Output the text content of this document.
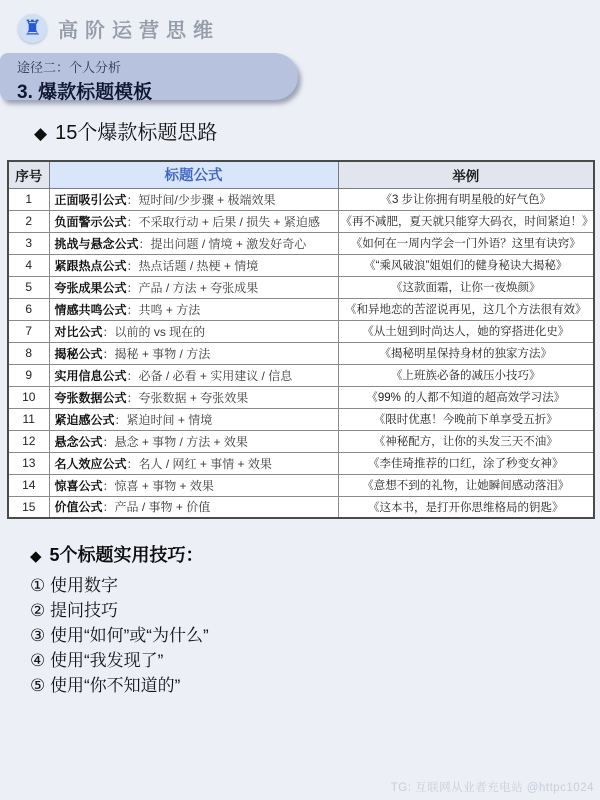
♜ 高阶运营思维
途径二：个人分析
3. 爆款标题模板
◆ 15个爆款标题思路
序号	标题公式	举例
1	正面吸引公式：短时间/少步骤 + 极端效果	《3 步让你拥有明星般的好气色》
2	负面警示公式：不采取行动 + 后果 / 损失 + 紧迫感	《再不减肥，夏天就只能穿大码衣，时间紧迫！》
3	挑战与悬念公式：提出问题 / 情境 + 激发好奇心	《如何在一周内学会一门外语？这里有诀窍》
4	紧跟热点公式：热点话题 / 热梗 + 情境	《“乘风破浪”姐姐们的健身秘诀大揭秘》
5	夸张成果公式：产品 / 方法 + 夸张成果	《这款面霜，让你一夜焕颜》
6	情感共鸣公式：共鸣 + 方法	《和异地恋的苦涩说再见，这几个方法很有效》
7	对比公式：以前的 vs 现在的	《从土妞到时尚达人，她的穿搭进化史》
8	揭秘公式：揭秘 + 事物 / 方法	《揭秘明星保持身材的独家方法》
9	实用信息公式：必备 / 必看 + 实用建议 / 信息	《上班族必备的减压小技巧》
10	夸张数据公式：夸张数据 + 夸张效果	《99% 的人都不知道的超高效学习法》
11	紧迫感公式：紧迫时间 + 情境	《限时优惠！今晚前下单享受五折》
12	悬念公式：悬念 + 事物 / 方法 + 效果	《神秘配方，让你的头发三天不油》
13	名人效应公式：名人 / 网红 + 事情 + 效果	《李佳琦推荐的口红，涂了秒变女神》
14	惊喜公式：惊喜 + 事物 + 效果	《意想不到的礼物，让她瞬间感动落泪》
15	价值公式：产品 / 事物 + 价值	《这本书，是打开你思维格局的钥匙》
◆ 5个标题实用技巧：
① 使用数字
② 提问技巧
③ 使用“如何”或“为什么”
④ 使用“我发现了”
⑤ 使用“你不知道的”
TG: 互联网从业者充电站 @httpc1024
